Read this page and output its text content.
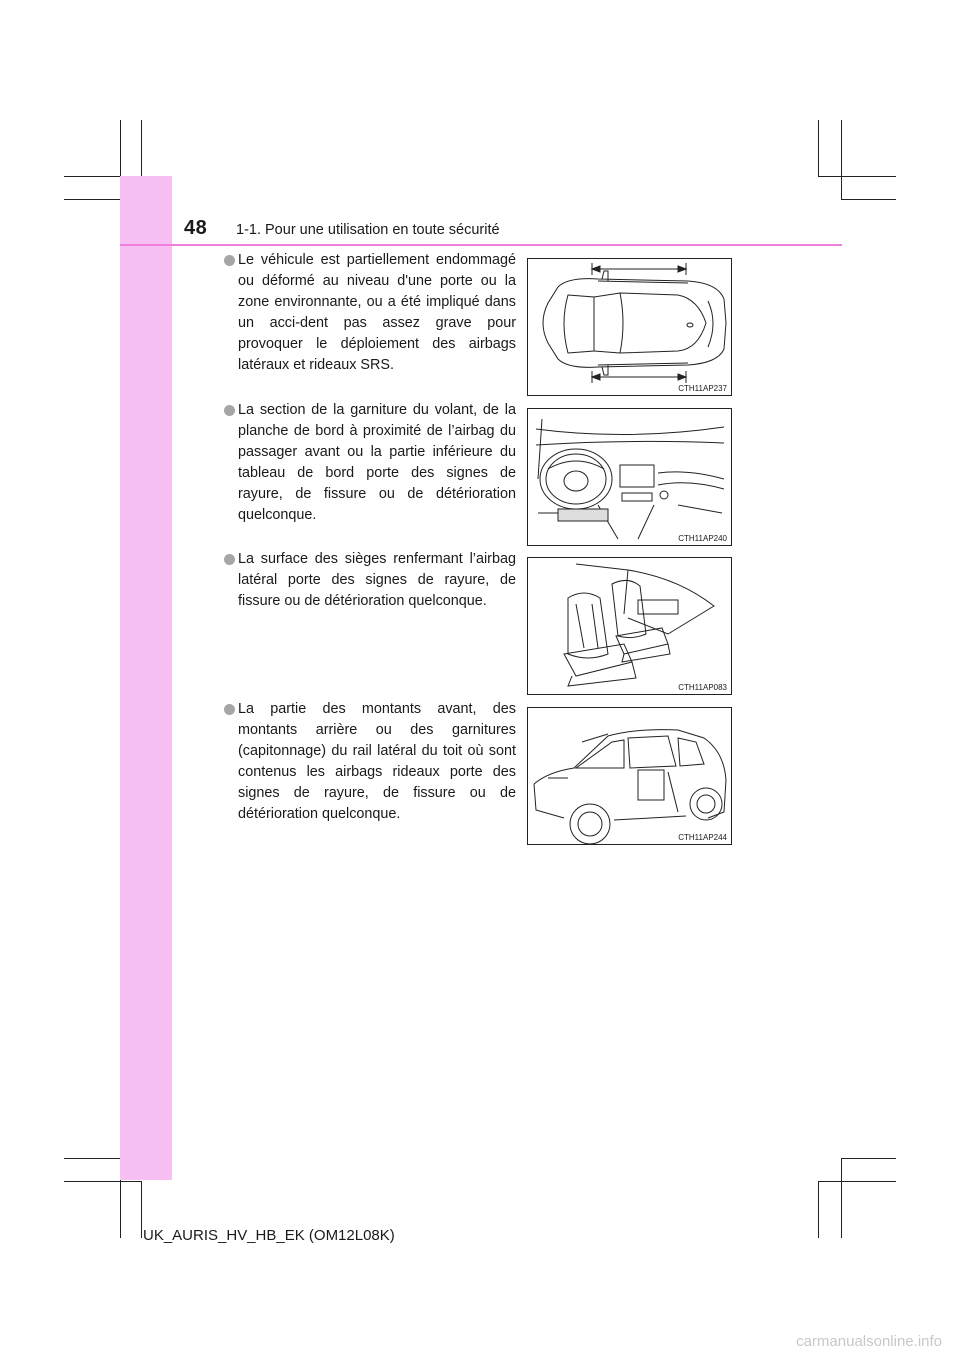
48 1-1. Pour une utilisation en toute sécurité
Le véhicule est partiellement endommagé ou déformé au niveau d'une porte ou la zone environnante, ou a été impliqué dans un acci-dent pas assez grave pour provoquer le déploiement des airbags latéraux et rideaux SRS.
CTH11AP237
La section de la garniture du volant, de la planche de bord à proximité de l’airbag du passager avant ou la partie inférieure du tableau de bord porte des signes de rayure, de fissure ou de détérioration quelconque.
CTH11AP240
La surface des sièges renfermant l’airbag latéral porte des signes de rayure, de fissure ou de détérioration quelconque.
CTH11AP083
La partie des montants avant, des montants arrière ou des garnitures (capitonnage) du rail latéral du toit où sont contenus les airbags rideaux porte des signes de rayure, de fissure ou de détérioration quelconque.
CTH11AP244
UK_AURIS_HV_HB_EK (OM12L08K)
carmanualsonline.info
